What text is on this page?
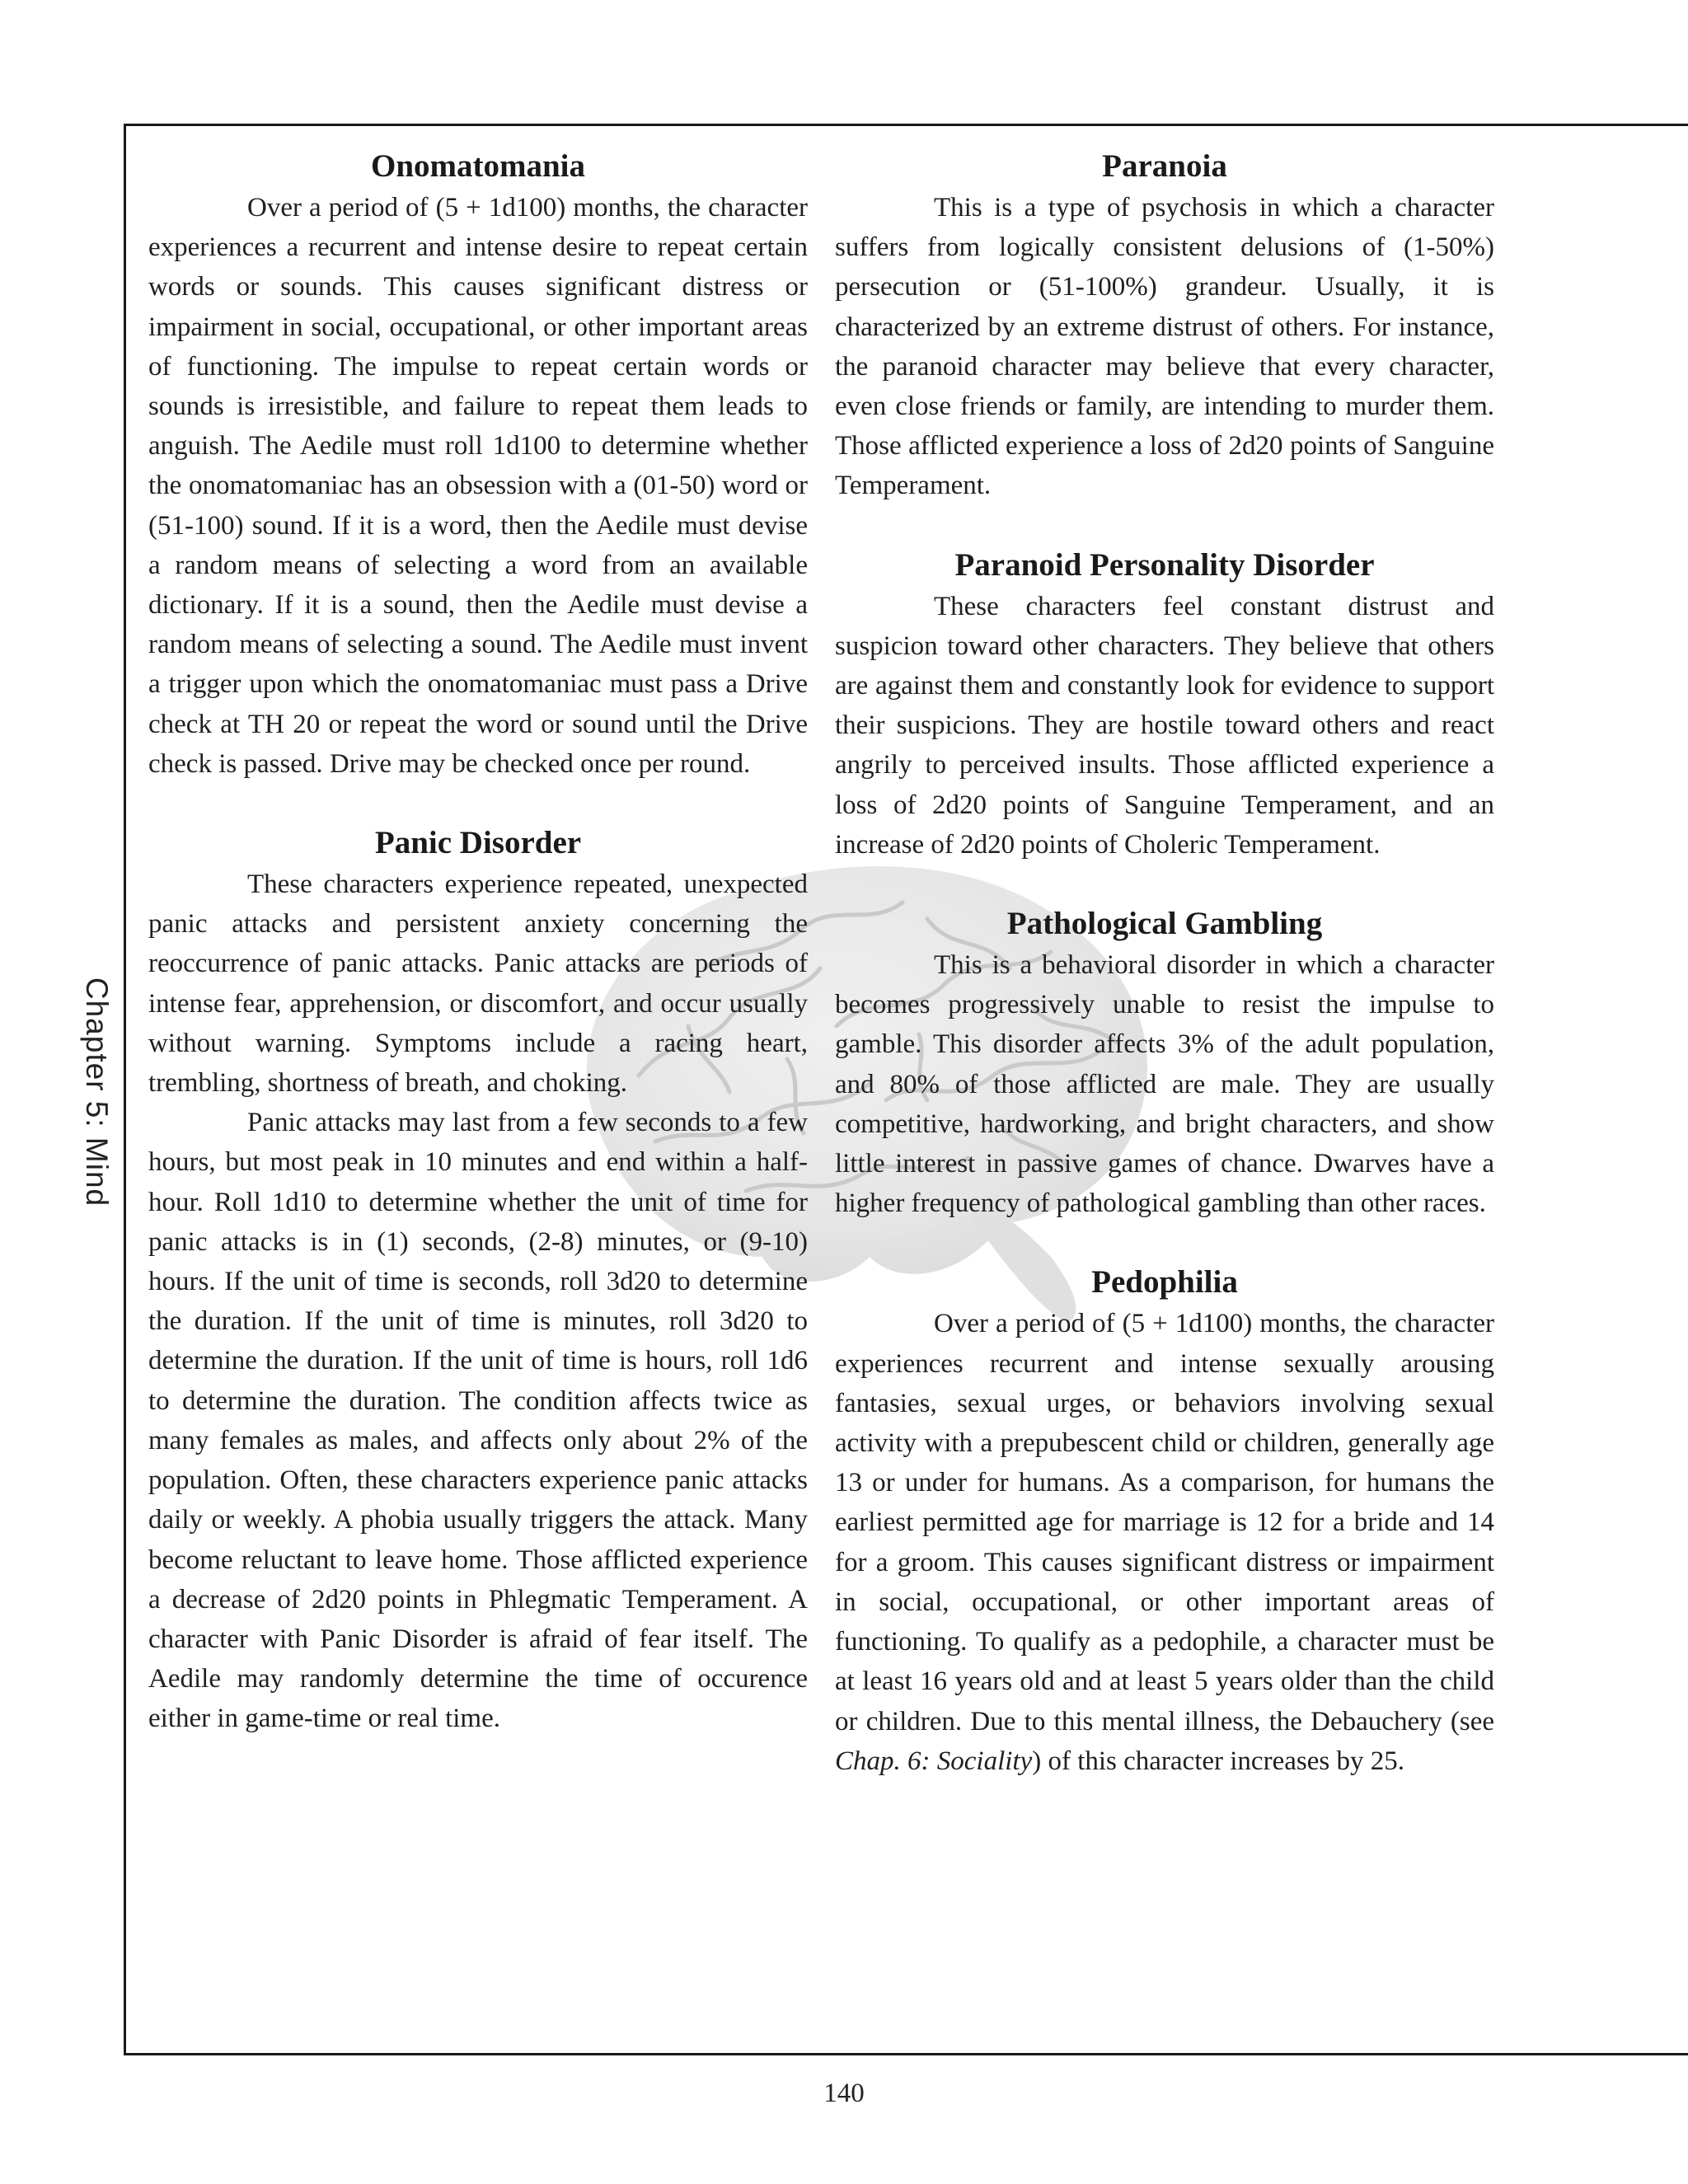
Chapter 5: Mind
Onomatomania

Over a period of (5 + 1d100) months, the character experiences a recurrent and intense desire to repeat certain words or sounds. This causes significant distress or impairment in social, occupational, or other important areas of functioning. The impulse to repeat certain words or sounds is irresistible, and failure to repeat them leads to anguish. The Aedile must roll 1d100 to determine whether the onomatomaniac has an obsession with a (01-50) word or (51-100) sound. If it is a word, then the Aedile must devise a random means of selecting a word from an available dictionary. If it is a sound, then the Aedile must devise a random means of selecting a sound. The Aedile must invent a trigger upon which the onomatomaniac must pass a Drive check at TH 20 or repeat the word or sound until the Drive check is passed. Drive may be checked once per round.

Panic Disorder

These characters experience repeated, unexpected panic attacks and persistent anxiety concerning the reoccurrence of panic attacks. Panic attacks are periods of intense fear, apprehension, or discomfort, and occur usually without warning. Symptoms include a racing heart, trembling, shortness of breath, and choking.

Panic attacks may last from a few seconds to a few hours, but most peak in 10 minutes and end within a half-hour. Roll 1d10 to determine whether the unit of time for panic attacks is in (1) seconds, (2-8) minutes, or (9-10) hours. If the unit of time is seconds, roll 3d20 to determine the duration. If the unit of time is minutes, roll 3d20 to determine the duration. If the unit of time is hours, roll 1d6 to determine the duration. The condition affects twice as many females as males, and affects only about 2% of the population. Often, these characters experience panic attacks daily or weekly. A phobia usually triggers the attack. Many become reluctant to leave home. Those afflicted experience a decrease of 2d20 points in Phlegmatic Temperament. A character with Panic Disorder is afraid of fear itself. The Aedile may randomly determine the time of occurence either in game-time or real time.

Paranoia

This is a type of psychosis in which a character suffers from logically consistent delusions of (1-50%) persecution or (51-100%) grandeur. Usually, it is characterized by an extreme distrust of others. For instance, the paranoid character may believe that every character, even close friends or family, are intending to murder them. Those afflicted experience a loss of 2d20 points of Sanguine Temperament.

Paranoid Personality Disorder

These characters feel constant distrust and suspicion toward other characters. They believe that others are against them and constantly look for evidence to support their suspicions. They are hostile toward others and react angrily to perceived insults. Those afflicted experience a loss of 2d20 points of Sanguine Temperament, and an increase of 2d20 points of Choleric Temperament.

Pathological Gambling

This is a behavioral disorder in which a character becomes progressively unable to resist the impulse to gamble. This disorder affects 3% of the adult population, and 80% of those afflicted are male. They are usually competitive, hardworking, and bright characters, and show little interest in passive games of chance. Dwarves have a higher frequency of pathological gambling than other races.

Pedophilia

Over a period of (5 + 1d100) months, the character experiences recurrent and intense sexually arousing fantasies, sexual urges, or behaviors involving sexual activity with a prepubescent child or children, generally age 13 or under for humans. As a comparison, for humans the earliest permitted age for marriage is 12 for a bride and 14 for a groom. This causes significant distress or impairment in social, occupational, or other important areas of functioning. To qualify as a pedophile, a character must be at least 16 years old and at least 5 years older than the child or children. Due to this mental illness, the Debauchery (see Chap. 6: Sociality) of this character increases by 25.

140
